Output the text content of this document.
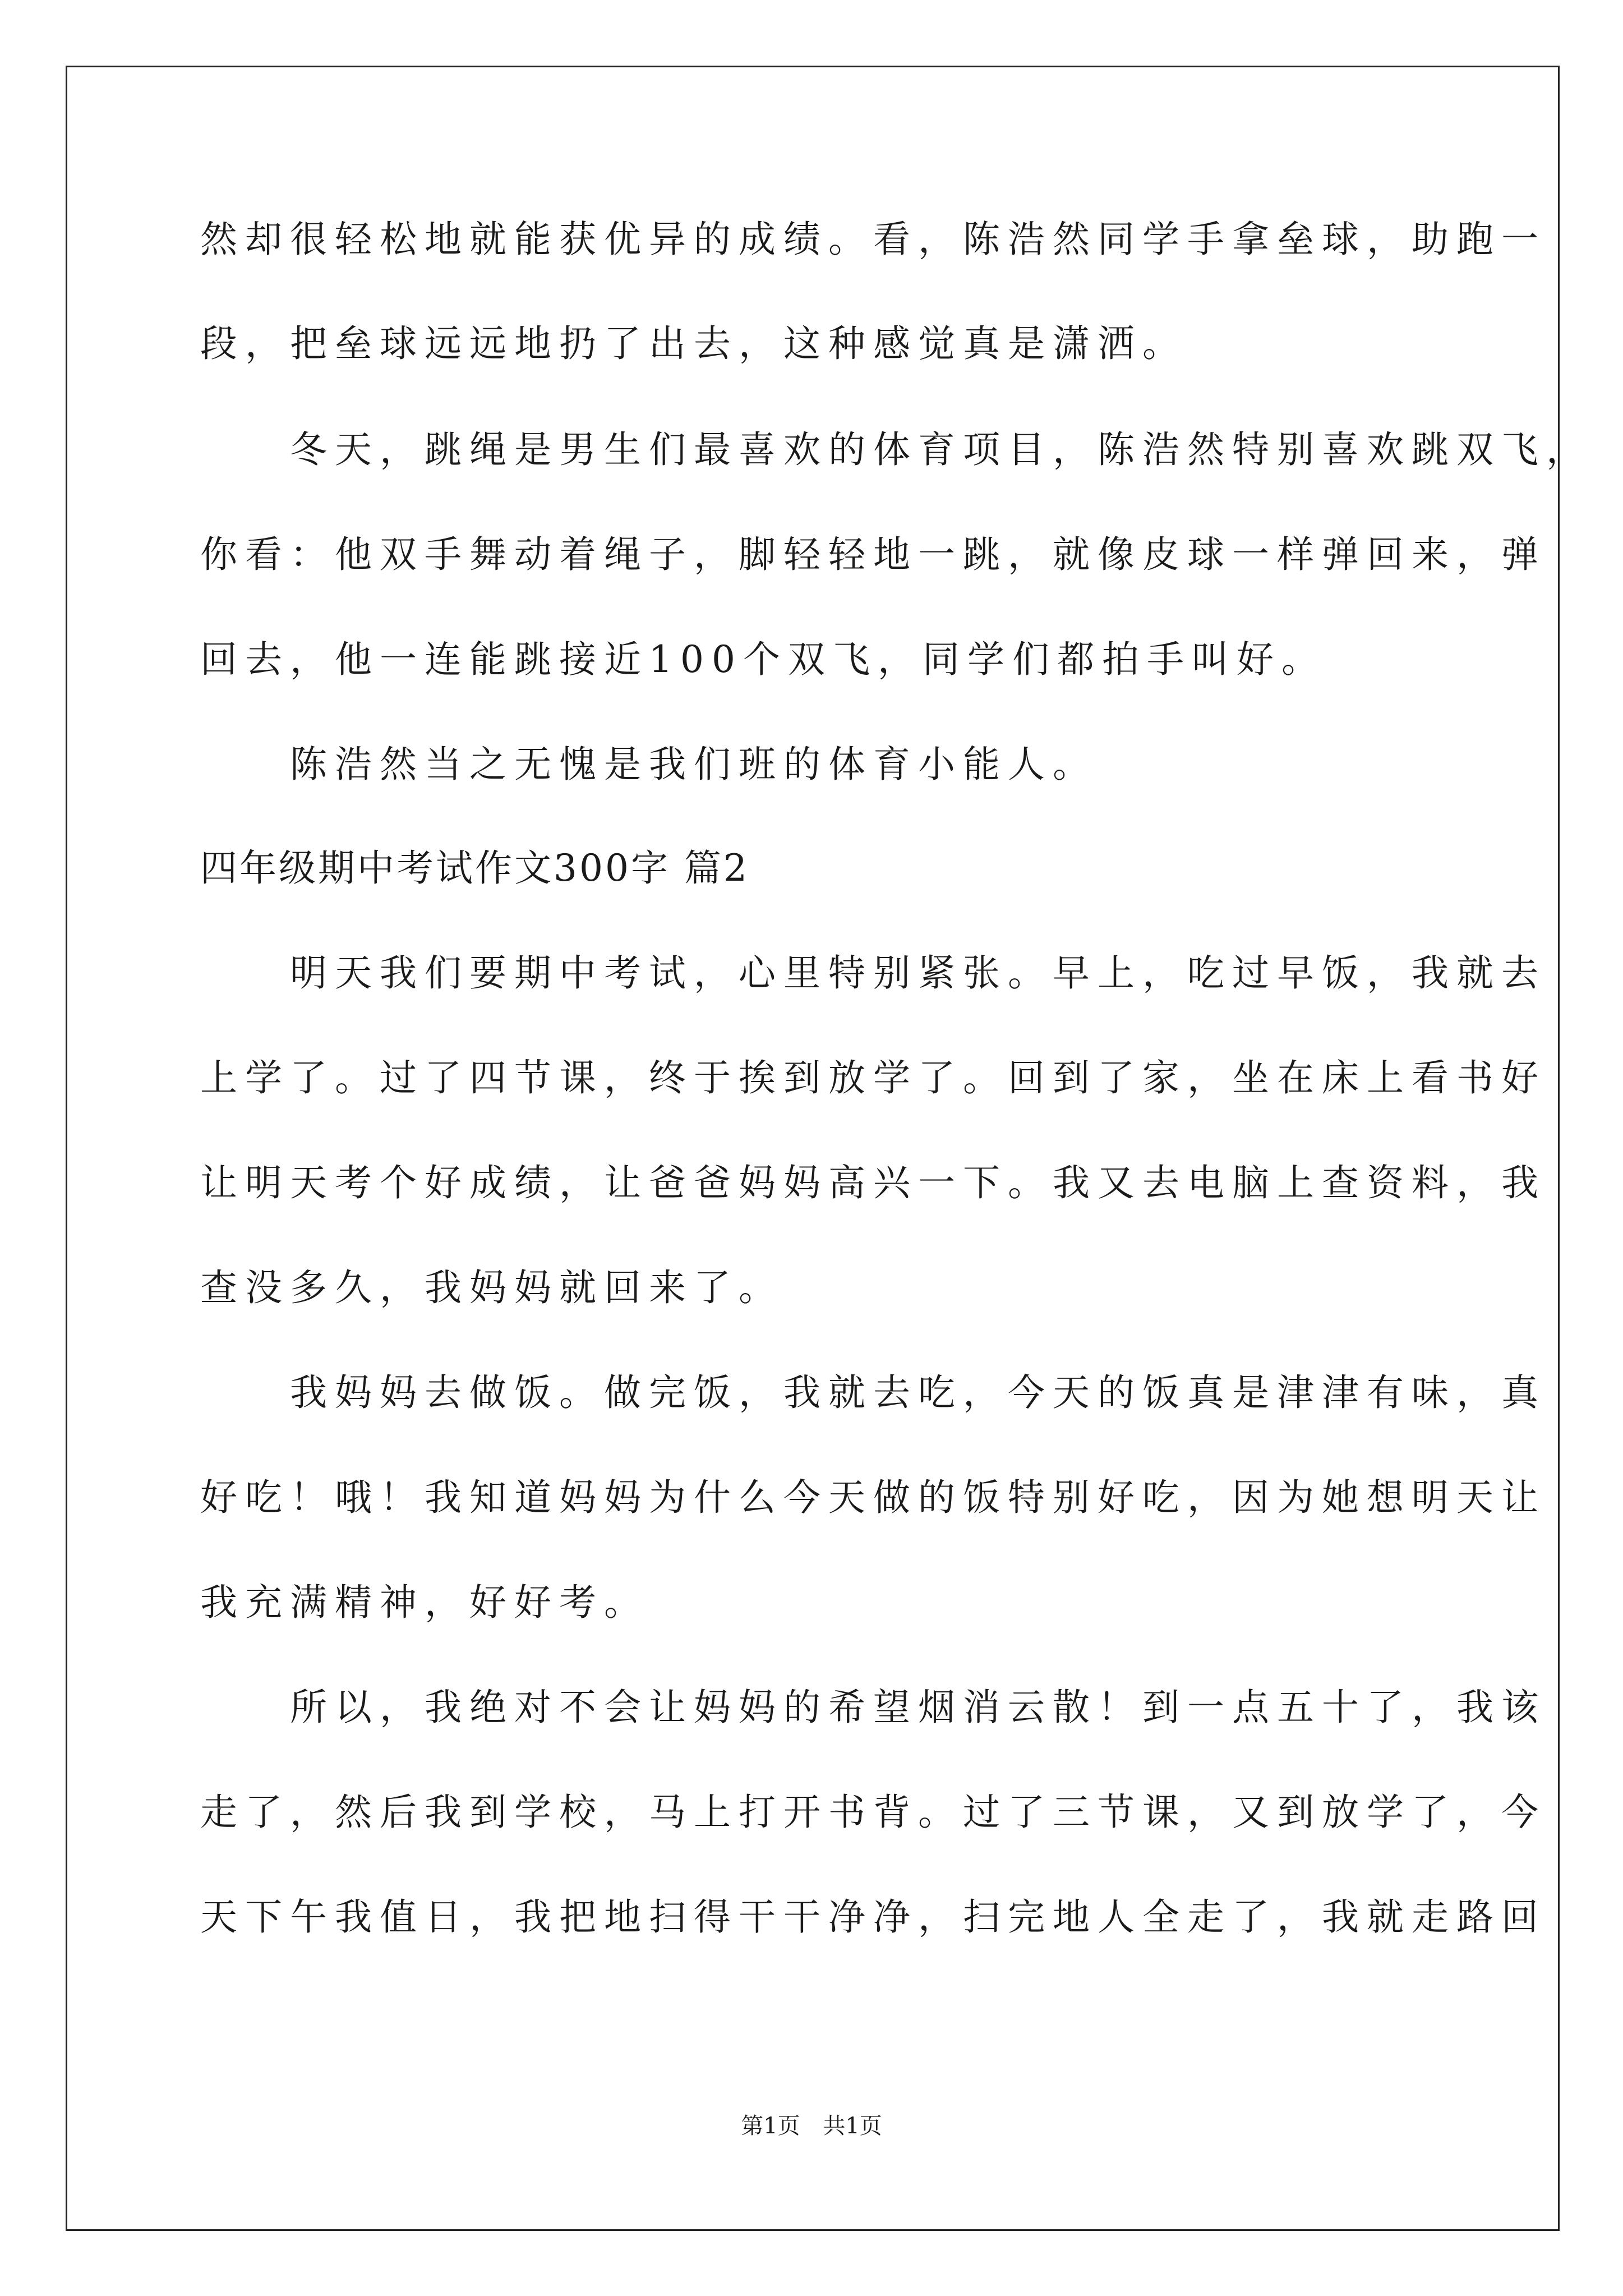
然却很轻松地就能获优异的成绩。看，陈浩然同学手拿垒球，助跑一
段，把垒球远远地扔了出去，这种感觉真是潇洒。
　　冬天，跳绳是男生们最喜欢的体育项目，陈浩然特别喜欢跳双飞，
你看：他双手舞动着绳子，脚轻轻地一跳，就像皮球一样弹回来，弹
回去，他一连能跳接近100个双飞，同学们都拍手叫好。
　　陈浩然当之无愧是我们班的体育小能人。
四年级期中考试作文300字 篇2
　　明天我们要期中考试，心里特别紧张。早上，吃过早饭，我就去
上学了。过了四节课，终于挨到放学了。回到了家，坐在床上看书好
让明天考个好成绩，让爸爸妈妈高兴一下。我又去电脑上查资料，我
查没多久，我妈妈就回来了。
　　我妈妈去做饭。做完饭，我就去吃，今天的饭真是津津有味，真
好吃！哦！我知道妈妈为什么今天做的饭特别好吃，因为她想明天让
我充满精神，好好考。
　　所以，我绝对不会让妈妈的希望烟消云散！到一点五十了，我该
走了，然后我到学校，马上打开书背。过了三节课，又到放学了，今
天下午我值日，我把地扫得干干净净，扫完地人全走了，我就走路回
第1页 共1页
